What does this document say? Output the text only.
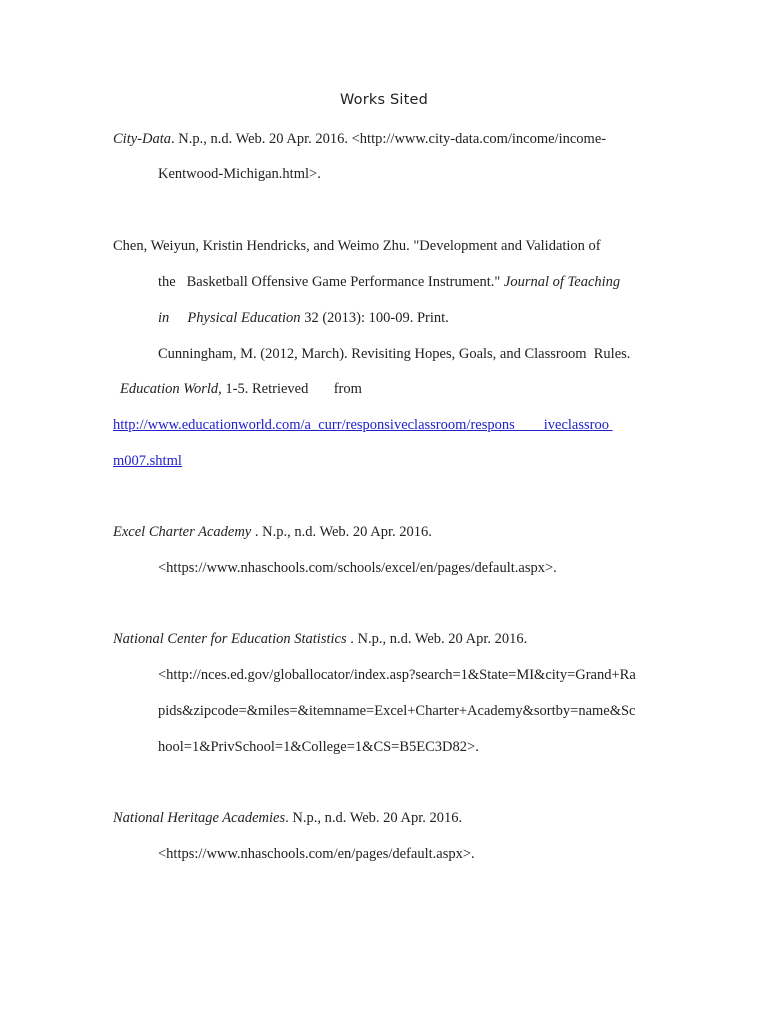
Works Sited
City-Data. N.p., n.d. Web. 20 Apr. 2016. <http://www.city-data.com/income/income-
Kentwood-Michigan.html>.
Chen, Weiyun, Kristin Hendricks, and Weimo Zhu. "Development and Validation of
the   Basketball Offensive Game Performance Instrument." Journal of Teaching
in     Physical Education 32 (2013): 100-09. Print.
Cunningham, M. (2012, March). Revisiting Hopes, Goals, and Classroom  Rules.
Education World, 1-5. Retrieved       from
http://www.educationworld.com/a_curr/responsiveclassroom/respons        iveclassroo
m007.shtml
Excel Charter Academy . N.p., n.d. Web. 20 Apr. 2016.
<https://www.nhaschools.com/schools/excel/en/pages/default.aspx>.
National Center for Education Statistics . N.p., n.d. Web. 20 Apr. 2016.
<http://nces.ed.gov/globallocator/index.asp?search=1&State=MI&city=Grand+Ra
pids&zipcode=&miles=&itemname=Excel+Charter+Academy&sortby=name&Sc
hool=1&PrivSchool=1&College=1&CS=B5EC3D82>.
National Heritage Academies. N.p., n.d. Web. 20 Apr. 2016.
<https://www.nhaschools.com/en/pages/default.aspx>.
